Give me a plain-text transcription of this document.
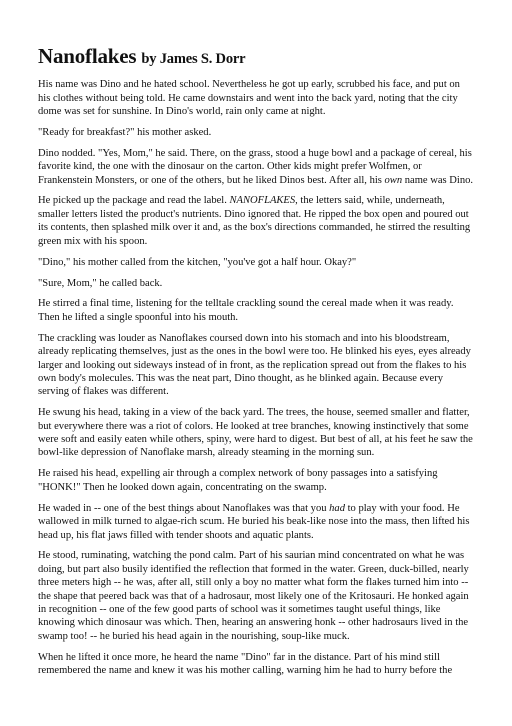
Nanoflakes by James S. Dorr

His name was Dino and he hated school. Nevertheless he got up early, scrubbed his face, and put on his clothes without being told. He came downstairs and went into the back yard, noting that the city dome was set for sunshine. In Dino's world, rain only came at night.

"Ready for breakfast?" his mother asked.

Dino nodded. "Yes, Mom," he said. There, on the grass, stood a huge bowl and a package of cereal, his favorite kind, the one with the dinosaur on the carton. Other kids might prefer Wolfmen, or Frankenstein Monsters, or one of the others, but he liked Dinos best. After all, his own name was Dino.

He picked up the package and read the label. NANOFLAKES, the letters said, while, underneath, smaller letters listed the product's nutrients. Dino ignored that. He ripped the box open and poured out its contents, then splashed milk over it and, as the box's directions commanded, he stirred the resulting green mix with his spoon.

"Dino," his mother called from the kitchen, "you've got a half hour. Okay?"

"Sure, Mom," he called back.

He stirred a final time, listening for the telltale crackling sound the cereal made when it was ready. Then he lifted a single spoonful into his mouth.

The crackling was louder as Nanoflakes coursed down into his stomach and into his bloodstream, already replicating themselves, just as the ones in the bowl were too. He blinked his eyes, eyes already larger and looking out sideways instead of in front, as the replication spread out from the flakes to his own body's molecules. This was the neat part, Dino thought, as he blinked again. Because every serving of flakes was different.

He swung his head, taking in a view of the back yard. The trees, the house, seemed smaller and flatter, but everywhere there was a riot of colors. He looked at tree branches, knowing instinctively that some were soft and easily eaten while others, spiny, were hard to digest. But best of all, at his feet he saw the bowl-like depression of Nanoflake marsh, already steaming in the morning sun.

He raised his head, expelling air through a complex network of bony passages into a satisfying "HONK!" Then he looked down again, concentrating on the swamp.

He waded in -- one of the best things about Nanoflakes was that you had to play with your food. He wallowed in milk turned to algae-rich scum. He buried his beak-like nose into the mass, then lifted his head up, his flat jaws filled with tender shoots and aquatic plants.

He stood, ruminating, watching the pond calm. Part of his saurian mind concentrated on what he was doing, but part also busily identified the reflection that formed in the water. Green, duck-billed, nearly three meters high -- he was, after all, still only a boy no matter what form the flakes turned him into -- the shape that peered back was that of a hadrosaur, most likely one of the Kritosauri. He honked again in recognition -- one of the few good parts of school was it sometimes taught useful things, like knowing which dinosaur was which. Then, hearing an answering honk -- other hadrosaurs lived in the swamp too! -- he buried his head again in the nourishing, soup-like muck.

When he lifted it once more, he heard the name "Dino" far in the distance. Part of his mind still remembered the name and knew it was his mother calling, warning him he had to hurry before the
